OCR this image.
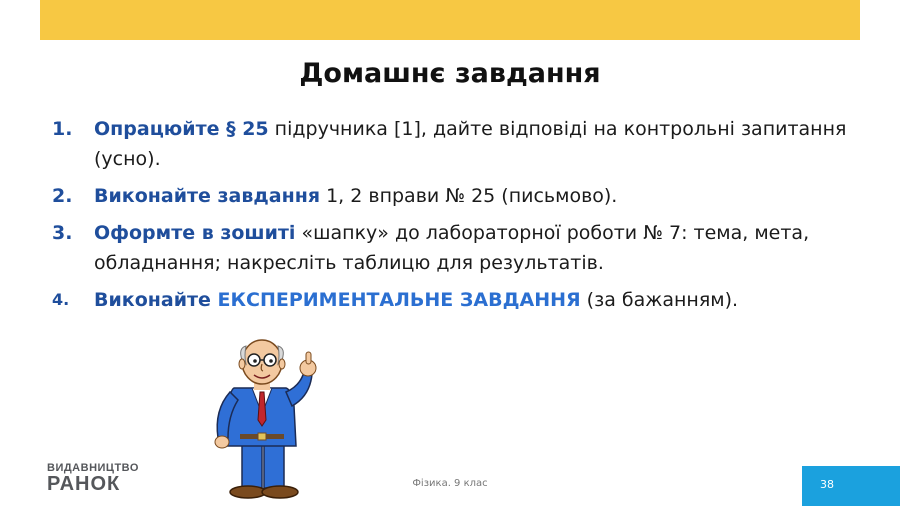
Домашнє завдання
1.	Опрацюйте § 25 підручника [1], дайте відповіді на контрольні запитання (усно).
2.	Виконайте завдання 1, 2 вправи № 25 (письмово).
3.	Оформте в зошиті «шапку» до лабораторної роботи № 7: тема, мета, обладнання; накресліть таблицю для результатів.
4.	Виконайте ЕКСПЕРИМЕНТАЛЬНЕ ЗАВДАННЯ (за бажанням).
ВИДАВНИЦТВО
РАНОК	Фізика. 9 клас	38
